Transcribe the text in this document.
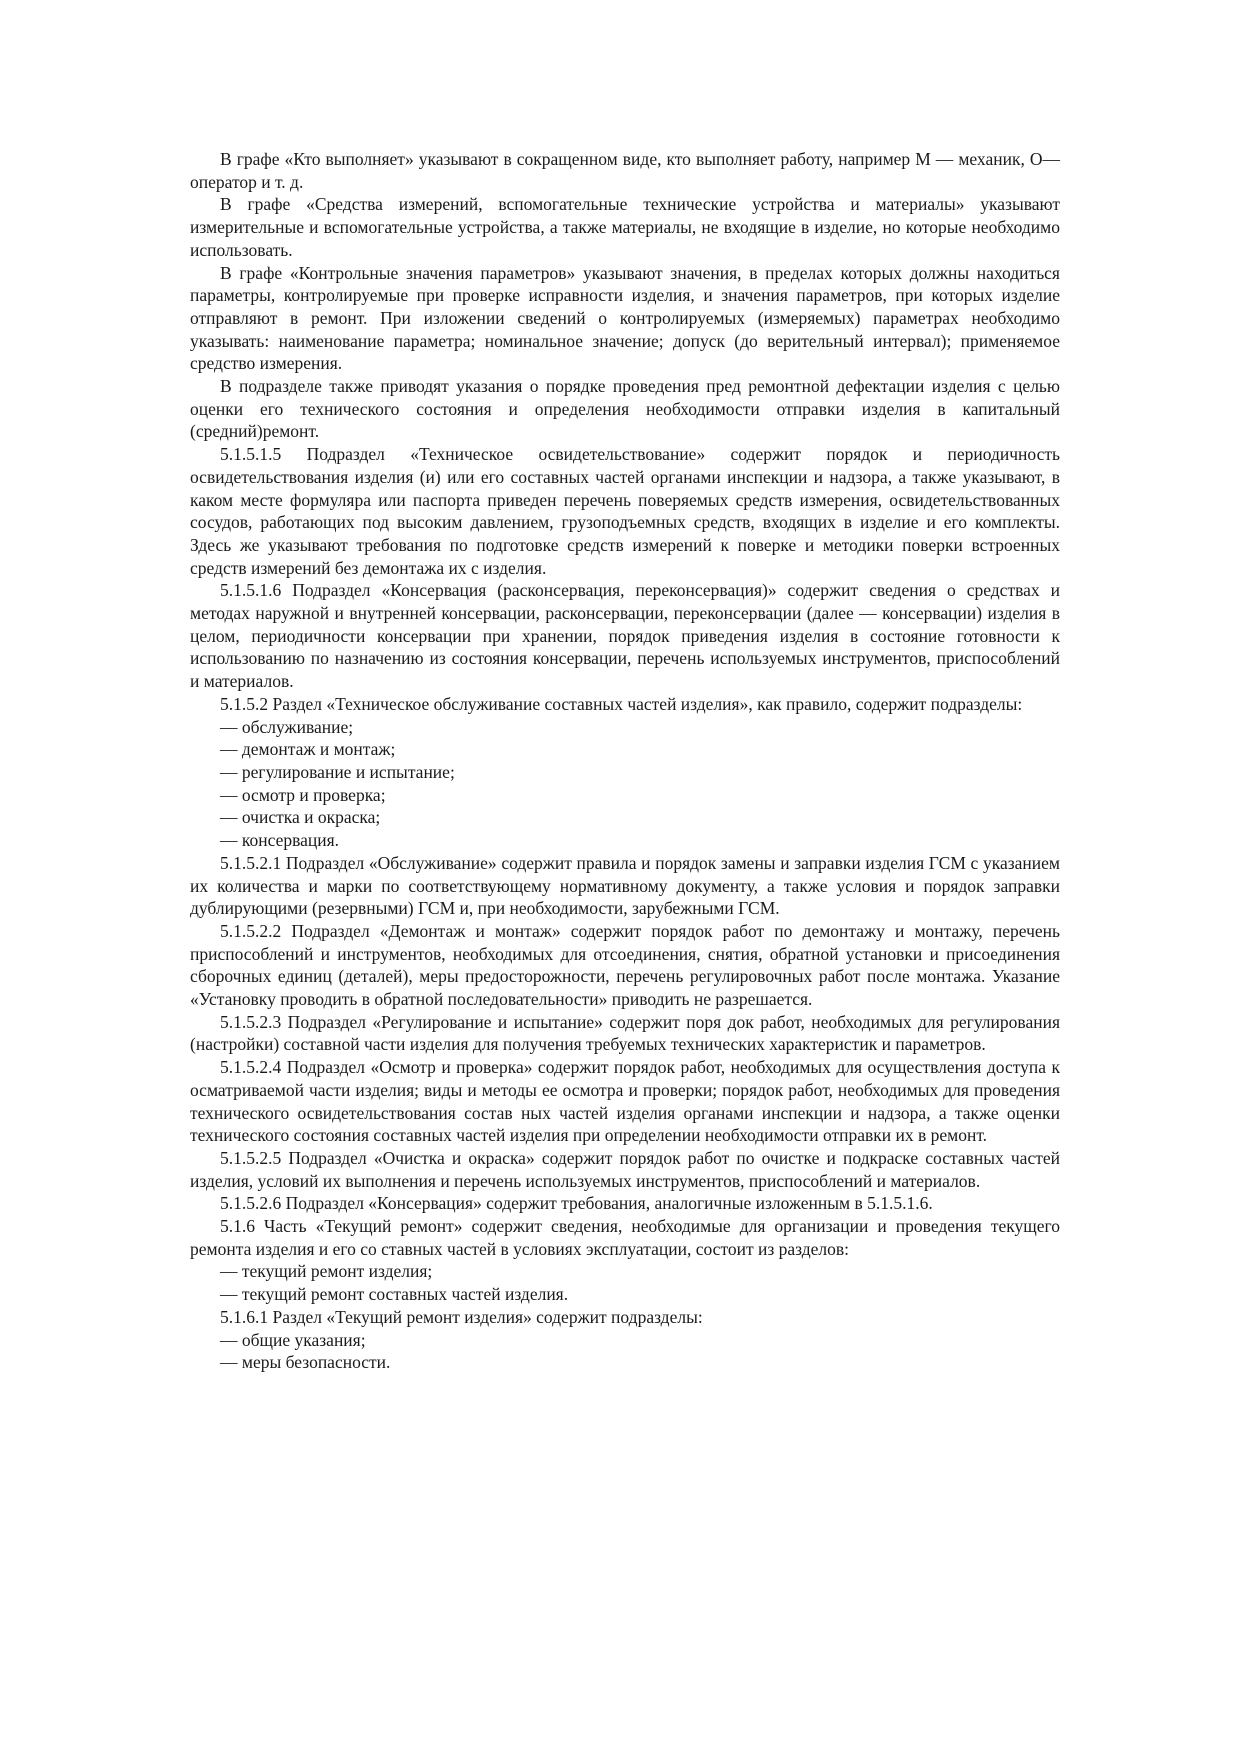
В графе «Кто выполняет» указывают в сокращенном виде, кто выполняет работу, например М — механик, О— оператор и т. д.

В графе «Средства измерений, вспомогательные технические устройства и материалы» указывают измерительные и вспомогательные устройства, а также материалы, не входящие в изделие, но которые необходимо использовать.

В графе «Контрольные значения параметров» указывают значения, в пределах которых должны находиться параметры, контролируемые при проверке исправности изделия, и значения параметров, при которых изделие отправляют в ремонт. При изложении сведений о контролируемых (измеряемых) параметрах необходимо указывать: наименование параметра; номинальное значение; допуск (до верительный интервал); применяемое средство измерения.

В подразделе также приводят указания о порядке проведения пред ремонтной дефектации изделия с целью оценки его технического состояния и определения необходимости отправки изделия в капитальный (средний)ремонт.

5.1.5.1.5 Подраздел «Техническое освидетельствование» содержит порядок и периодичность освидетельствования изделия (и) или его составных частей органами инспекции и надзора, а также указывают, в каком месте формуляра или паспорта приведен перечень поверяемых средств измерения, освидетельствованных сосудов, работающих под высоким давлением, грузоподъемных средств, входящих в изделие и его комплекты. Здесь же указывают требования по подготовке средств измерений к поверке и методики поверки встроенных средств измерений без демонтажа их с изделия.

5.1.5.1.6 Подраздел «Консервация (расконсервация, переконсервация)» содержит сведения о средствах и методах наружной и внутренней консервации, расконсервации, переконсервации (далее — консервации) изделия в целом, периодичности консервации при хранении, порядок приведения изделия в состояние готовности к использованию по назначению из состояния консервации, перечень используемых инструментов, приспособлений и материалов.

5.1.5.2 Раздел «Техническое обслуживание составных частей изделия», как правило, содержит подразделы:

— обслуживание;

— демонтаж и монтаж;

— регулирование и испытание;

— осмотр и проверка;

— очистка и окраска;

— консервация.

5.1.5.2.1 Подраздел «Обслуживание» содержит правила и порядок замены и заправки изделия ГСМ с указанием их количества и марки по соответствующему нормативному документу, а также условия и порядок заправки дублирующими (резервными) ГСМ и, при необходимости, зарубежными ГСМ.

5.1.5.2.2 Подраздел «Демонтаж и монтаж» содержит порядок работ по демонтажу и монтажу, перечень приспособлений и инструментов, необходимых для отсоединения, снятия, обратной установки и присоединения сборочных единиц (деталей), меры предосторожности, перечень регулировочных работ после монтажа. Указание «Установку проводить в обратной последовательности» приводить не разрешается.

5.1.5.2.3 Подраздел «Регулирование и испытание» содержит поря док работ, необходимых для регулирования (настройки) составной части изделия для получения требуемых технических характеристик и параметров.

5.1.5.2.4 Подраздел «Осмотр и проверка» содержит порядок работ, необходимых для осуществления доступа к осматриваемой части изделия; виды и методы ее осмотра и проверки; порядок работ, необходимых для проведения технического освидетельствования состав ных частей изделия органами инспекции и надзора, а также оценки технического состояния составных частей изделия при определении необходимости отправки их в ремонт.

5.1.5.2.5 Подраздел «Очистка и окраска» содержит порядок работ по очистке и подкраске составных частей изделия, условий их выполнения и перечень используемых инструментов, приспособлений и материалов.

5.1.5.2.6 Подраздел «Консервация» содержит требования, аналогичные изложенным в 5.1.5.1.6.

5.1.6 Часть «Текущий ремонт» содержит сведения, необходимые для организации и проведения текущего ремонта изделия и его со ставных частей в условиях эксплуатации, состоит из разделов:

— текущий ремонт изделия;

— текущий ремонт составных частей изделия.

5.1.6.1 Раздел «Текущий ремонт изделия» содержит подразделы:

— общие указания;

— меры безопасности.
